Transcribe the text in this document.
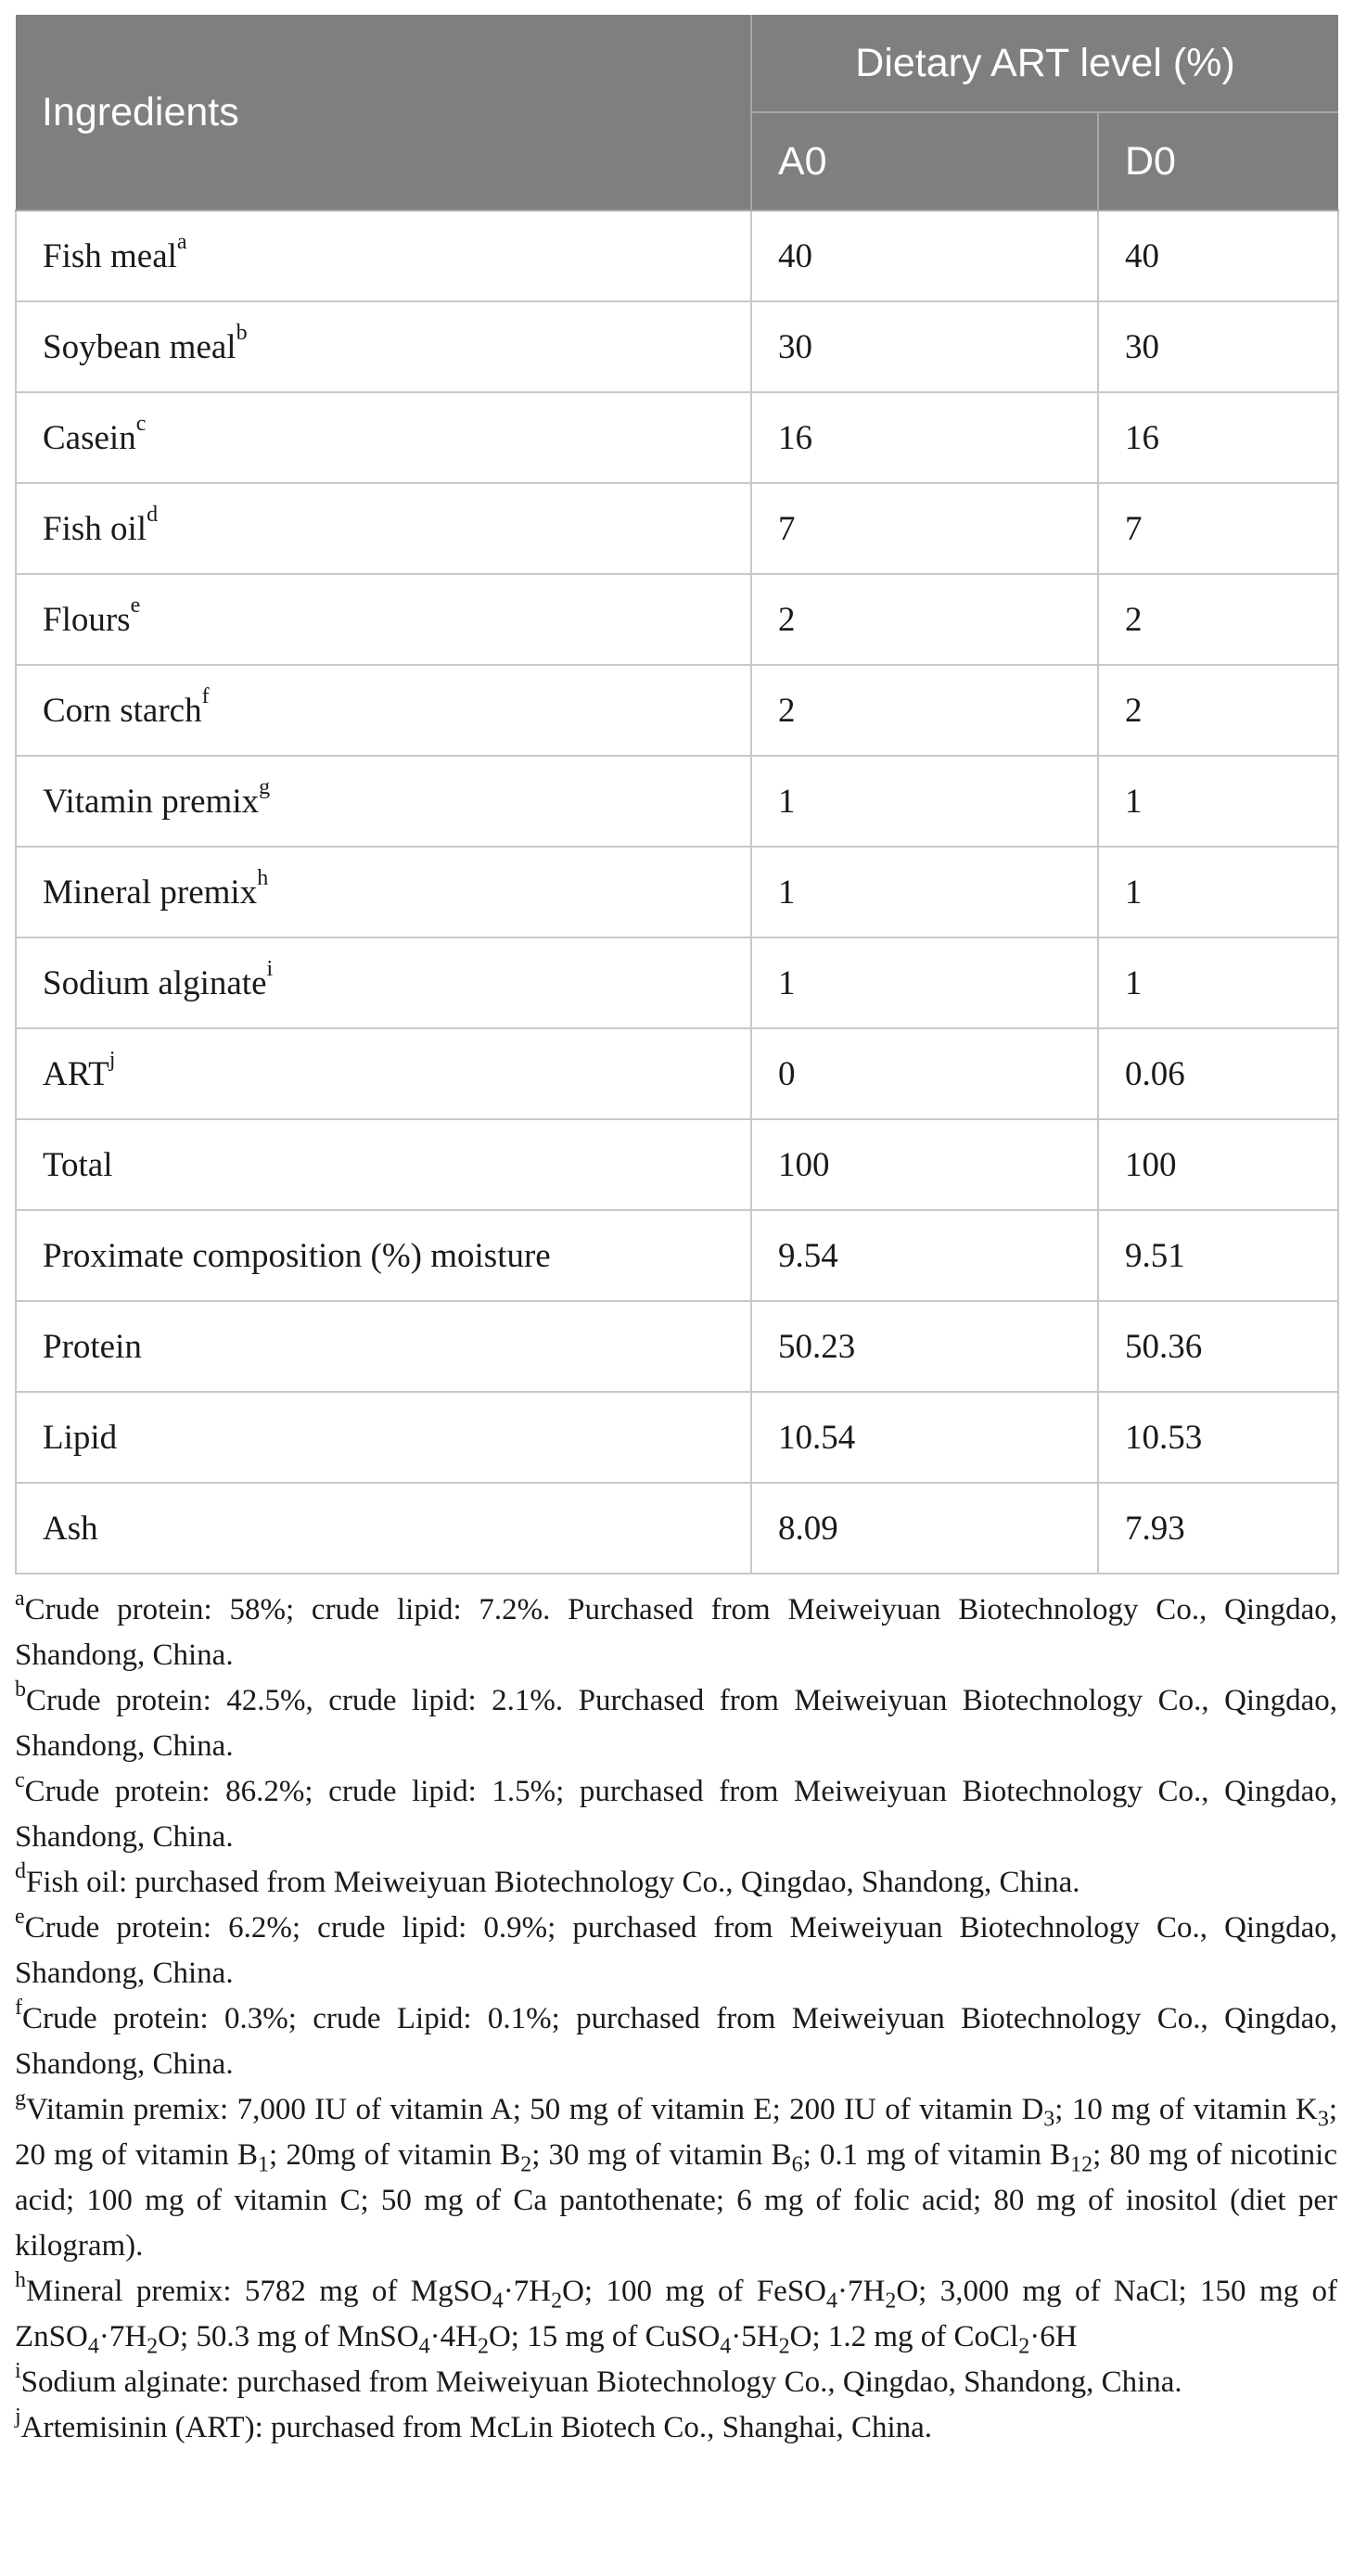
Ingredients	Dietary ART level (%)	
	A0	D0
Fish meal$^a$	40	40
Soybean meal$^b$	30	30
Casein$^c$	16	16
Fish oil$^d$	7	7
Flours$^e$	2	2
Corn starch$^f$	2	2
Vitamin premix$^g$	1	1
Mineral premix$^h$	1	1
Sodium alginate$^i$	1	1
ART$^j$	0	0.06
Total	100	100
Proximate composition (%) moisture	9.54	9.51
Protein	50.23	50.36
Lipid	10.54	10.53
Ash	8.09	7.93

$^a$Crude protein: 58%; crude lipid: 7.2%. Purchased from Meiweiyuan Biotechnology Co., Qingdao, Shandong, China.

$^b$Crude protein: 42.5%, crude lipid: 2.1%. Purchased from Meiweiyuan Biotechnology Co., Qingdao, Shandong, China.

$^c$Crude protein: 86.2%; crude lipid: 1.5%; purchased from Meiweiyuan Biotechnology Co., Qingdao, Shandong, China.

$^d$Fish oil: purchased from Meiweiyuan Biotechnology Co., Qingdao, Shandong, China.

$^e$Crude protein: 6.2%; crude lipid: 0.9%; purchased from Meiweiyuan Biotechnology Co., Qingdao, Shandong, China.

$^f$Crude protein: 0.3%; crude Lipid: 0.1%; purchased from Meiweiyuan Biotechnology Co., Qingdao, Shandong, China.

$^g$Vitamin premix: 7,000 IU of vitamin A; 50 mg of vitamin E; 200 IU of vitamin $D_3$; 10 mg of vitamin $K_3$; 20 mg of vitamin $B_1$; 20mg of vitamin $B_2$; 30 mg of vitamin $B_6$; 0.1 mg of vitamin $B_{12}$; 80 mg of nicotinic acid; 100 mg of vitamin C; 50 mg of Ca pantothenate; 6 mg of folic acid; 80 mg of inositol (diet per kilogram).

$^h$Mineral premix: 5782 mg of $MgSO_4\cdot 7H_2O$; 100 mg of $FeSO_4\cdot 7H_2O$; 3,000 mg of NaCl; 150 mg of $ZnSO_4\cdot 7H_2O$; 50.3 mg of $MnSO_4\cdot 4H_2O$; 15 mg of $CuSO_4\cdot 5H_2O$; 1.2 mg of CoCl$_2$·6H

$^i$Sodium alginate: purchased from Meiweiyuan Biotechnology Co., Qingdao, Shandong, China.

$^j$Artemisinin (ART): purchased from McLin Biotech Co., Shanghai, China.
